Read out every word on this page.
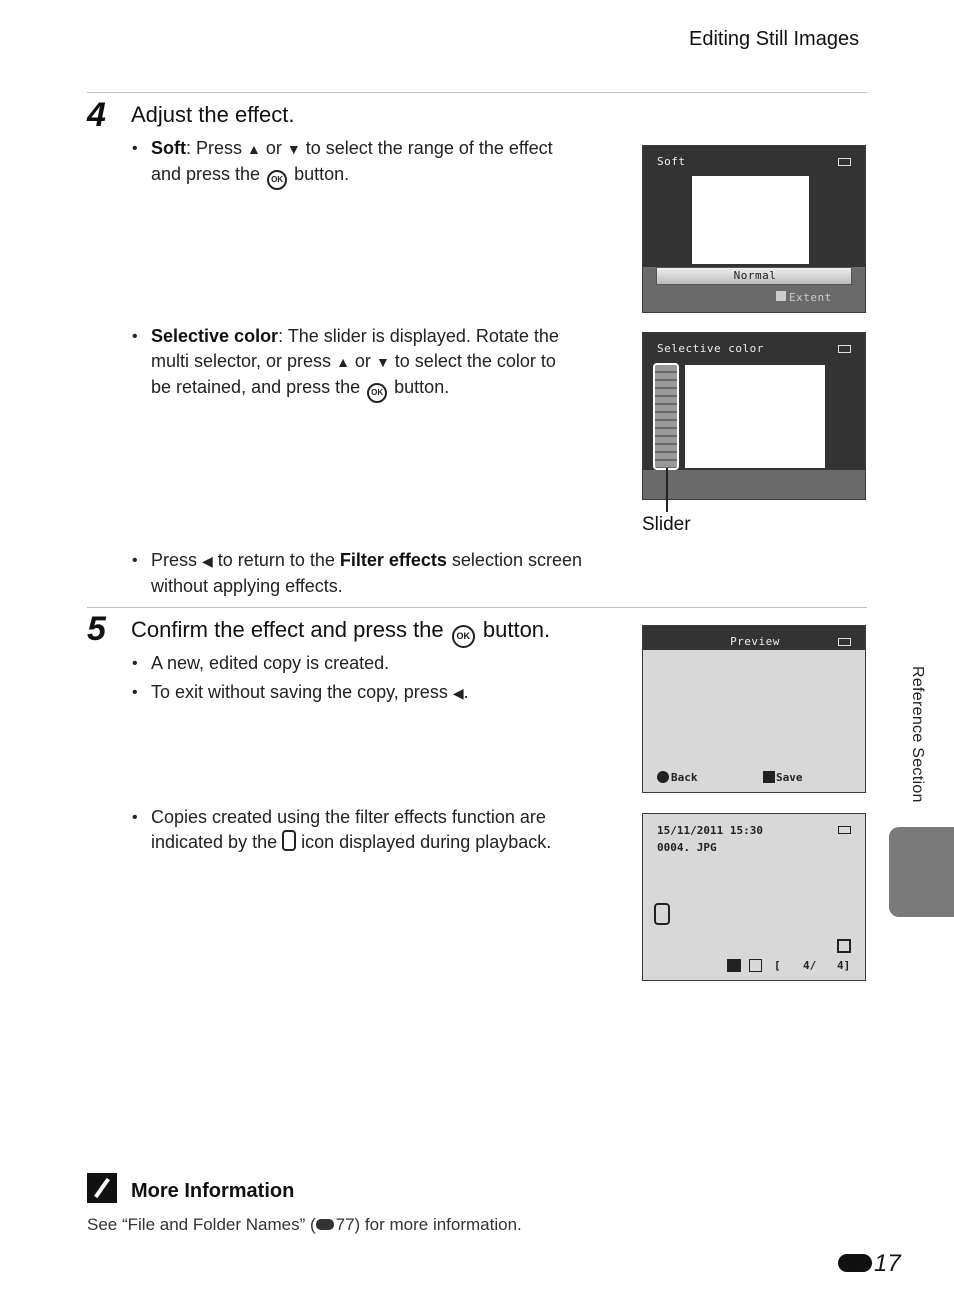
Editing Still Images
4 Adjust the effect.
• Soft: Press ▲ or ▼ to select the range of the effect
and press the OK button.
Soft
Normal
Extent
• Selective color: The slider is displayed. Rotate the
multi selector, or press ▲ or ▼ to select the color to
be retained, and press the OK button.
Selective color
Slider
• Press ◀ to return to the Filter effects selection screen
without applying effects.
5 Confirm the effect and press the OK button.
• A new, edited copy is created.
• To exit without saving the copy, press ◀.
Preview
Back	Save
• Copies created using the filter effects function are
indicated by the  icon displayed during playback.
15/11/2011 15:30
0004. JPG
[ 4/ 4]
Reference Section
More Information
See “File and Folder Names” ( 77) for more information.
17
